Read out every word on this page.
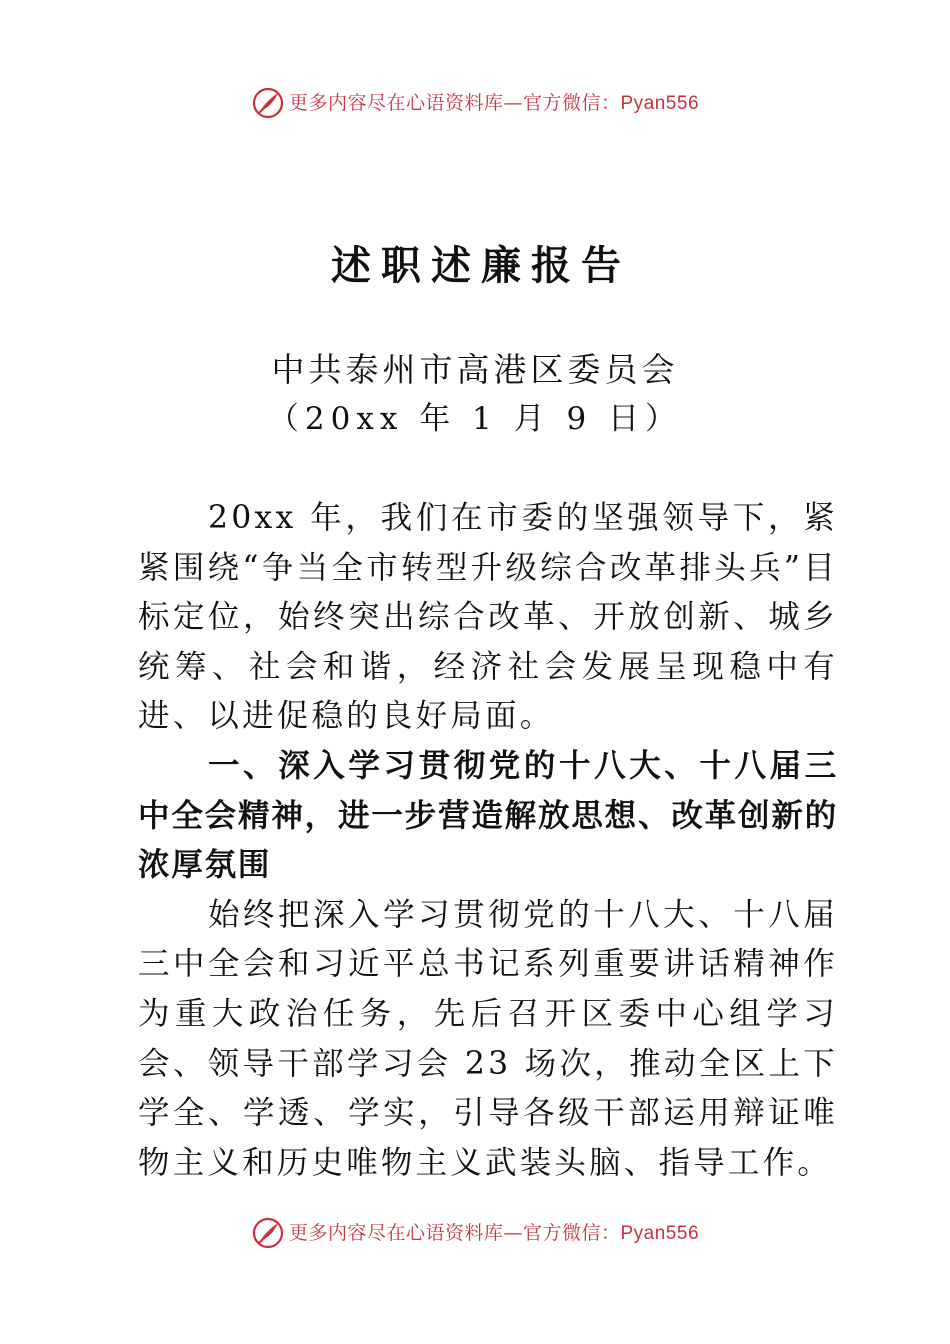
更多内容尽在心语资料库—官方微信：Pyan556
述职述廉报告
中共泰州市高港区委员会
（20xx 年 1 月 9 日）

20xx 年，我们在市委的坚强领导下，紧紧围绕“争当全市转型升级综合改革排头兵”目标定位，始终突出综合改革、开放创新、城乡统筹、社会和谐，经济社会发展呈现稳中有进、以进促稳的良好局面。

一、深入学习贯彻党的十八大、十八届三中全会精神，进一步营造解放思想、改革创新的浓厚氛围

始终把深入学习贯彻党的十八大、十八届三中全会和习近平总书记系列重要讲话精神作为重大政治任务，先后召开区委中心组学习会、领导干部学习会 23 场次，推动全区上下学全、学透、学实，引导各级干部运用辩证唯物主义和历史唯物主义武装头脑、指导工作。

更多内容尽在心语资料库—官方微信：Pyan556
